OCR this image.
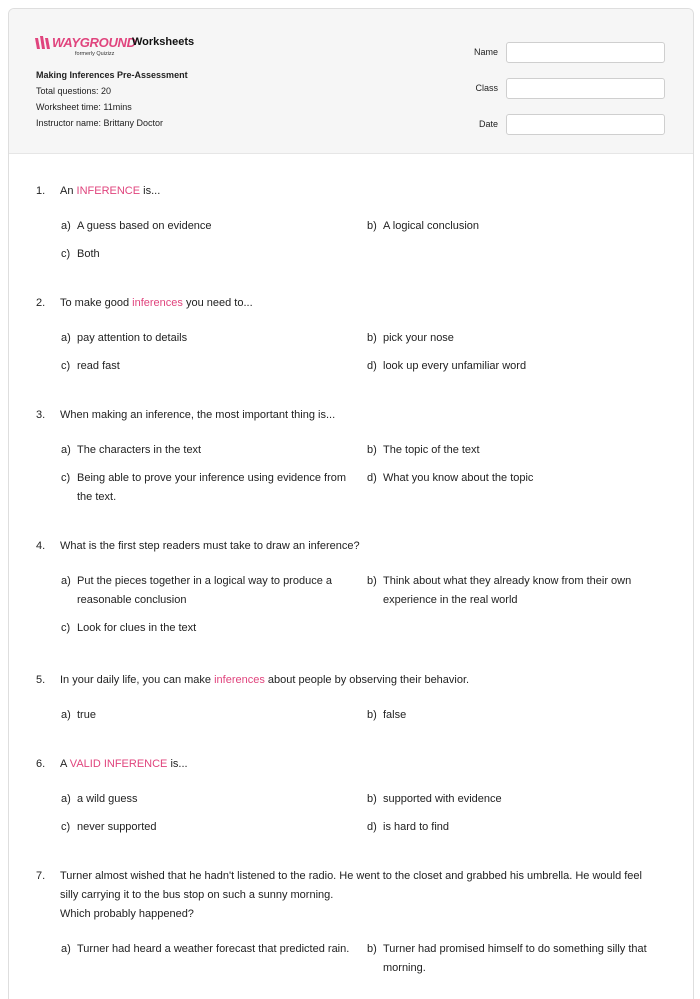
WAYGROUND
formerly Quizizz
Worksheets
Making Inferences Pre-Assessment
Total questions: 20
Worksheet time: 11mins
Instructor name: Brittany Doctor
Name
Class
Date
1. An INFERENCE is...
a) A guess based on evidence	b) A logical conclusion
c) Both
2. To make good inferences you need to...
a) pay attention to details	b) pick your nose
c) read fast	d) look up every unfamiliar word
3. When making an inference, the most important thing is...
a) The characters in the text	b) The topic of the text
c) Being able to prove your inference using evidence from the text.
d) What you know about the topic
4. What is the first step readers must take to draw an inference?
a) Put the pieces together in a logical way to produce a reasonable conclusion
b) Think about what they already know from their own experience in the real world
c) Look for clues in the text
5. In your daily life, you can make inferences about people by observing their behavior.
a) true	b) false
6. A VALID INFERENCE is...
a) a wild guess	b) supported with evidence
c) never supported	d) is hard to find
7. Turner almost wished that he hadn't listened to the radio. He went to the closet and grabbed his umbrella. He would feel silly carrying it to the bus stop on such a sunny morning.
Which probably happened?
a) Turner had heard a weather forecast that predicted rain.	b) Turner had promised himself to do something silly that morning.
